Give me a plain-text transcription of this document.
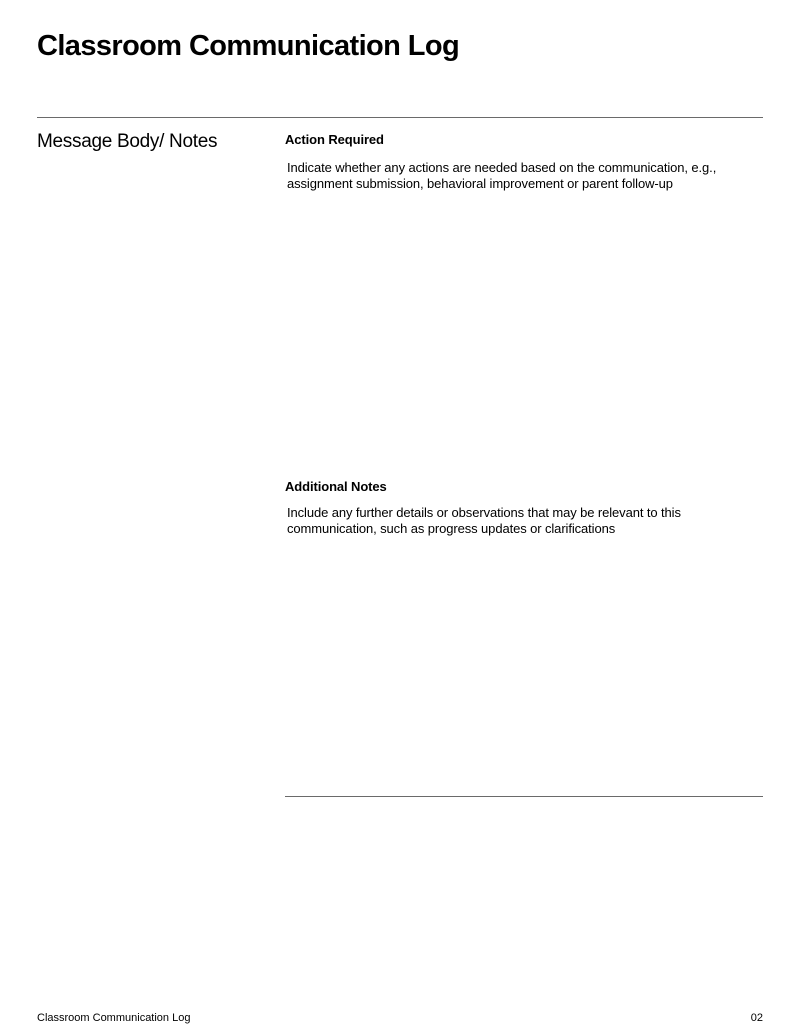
Classroom Communication Log
Message Body/ Notes	Action Required
Indicate whether any actions are needed based on the communication, e.g., assignment submission, behavioral improvement or parent follow-up
Additional Notes
Include any further details or observations that may be relevant to this communication, such as progress updates or clarifications
Classroom Communication Log	02
